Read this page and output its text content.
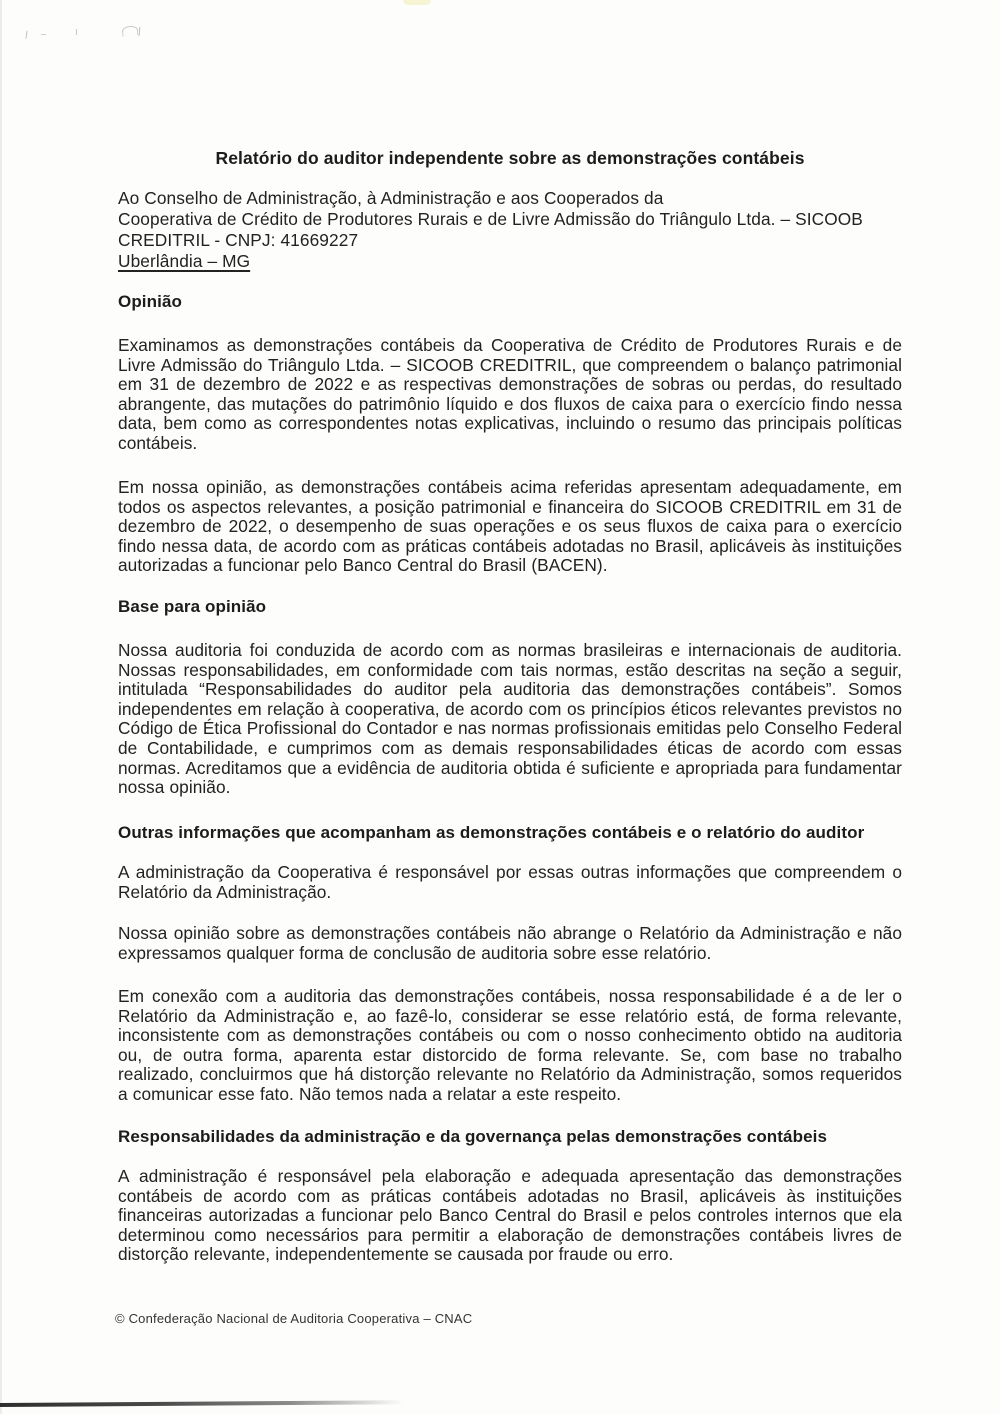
Relatório do auditor independente sobre as demonstrações contábeis
Ao Conselho de Administração, à Administração e aos Cooperados da
Cooperativa de Crédito de Produtores Rurais e de Livre Admissão do Triângulo Ltda. – SICOOB
CREDITRIL - CNPJ: 41669227
Uberlândia – MG
Opinião
Examinamos as demonstrações contábeis da Cooperativa de Crédito de Produtores Rurais e de Livre Admissão do Triângulo Ltda. – SICOOB CREDITRIL, que compreendem o balanço patrimonial em 31 de dezembro de 2022 e as respectivas demonstrações de sobras ou perdas, do resultado abrangente, das mutações do patrimônio líquido e dos fluxos de caixa para o exercício findo nessa data, bem como as correspondentes notas explicativas, incluindo o resumo das principais políticas contábeis.
Em nossa opinião, as demonstrações contábeis acima referidas apresentam adequadamente, em todos os aspectos relevantes, a posição patrimonial e financeira do SICOOB CREDITRIL em 31 de dezembro de 2022, o desempenho de suas operações e os seus fluxos de caixa para o exercício findo nessa data, de acordo com as práticas contábeis adotadas no Brasil, aplicáveis às instituições autorizadas a funcionar pelo Banco Central do Brasil (BACEN).
Base para opinião
Nossa auditoria foi conduzida de acordo com as normas brasileiras e internacionais de auditoria. Nossas responsabilidades, em conformidade com tais normas, estão descritas na seção a seguir, intitulada “Responsabilidades do auditor pela auditoria das demonstrações contábeis”. Somos independentes em relação à cooperativa, de acordo com os princípios éticos relevantes previstos no Código de Ética Profissional do Contador e nas normas profissionais emitidas pelo Conselho Federal de Contabilidade, e cumprimos com as demais responsabilidades éticas de acordo com essas normas. Acreditamos que a evidência de auditoria obtida é suficiente e apropriada para fundamentar nossa opinião.
Outras informações que acompanham as demonstrações contábeis e o relatório do auditor
A administração da Cooperativa é responsável por essas outras informações que compreendem o Relatório da Administração.
Nossa opinião sobre as demonstrações contábeis não abrange o Relatório da Administração e não expressamos qualquer forma de conclusão de auditoria sobre esse relatório.
Em conexão com a auditoria das demonstrações contábeis, nossa responsabilidade é a de ler o Relatório da Administração e, ao fazê-lo, considerar se esse relatório está, de forma relevante, inconsistente com as demonstrações contábeis ou com o nosso conhecimento obtido na auditoria ou, de outra forma, aparenta estar distorcido de forma relevante. Se, com base no trabalho realizado, concluirmos que há distorção relevante no Relatório da Administração, somos requeridos a comunicar esse fato. Não temos nada a relatar a este respeito.
Responsabilidades da administração e da governança pelas demonstrações contábeis
A administração é responsável pela elaboração e adequada apresentação das demonstrações contábeis de acordo com as práticas contábeis adotadas no Brasil, aplicáveis às instituições financeiras autorizadas a funcionar pelo Banco Central do Brasil e pelos controles internos que ela determinou como necessários para permitir a elaboração de demonstrações contábeis livres de distorção relevante, independentemente se causada por fraude ou erro.
© Confederação Nacional de Auditoria Cooperativa – CNAC
